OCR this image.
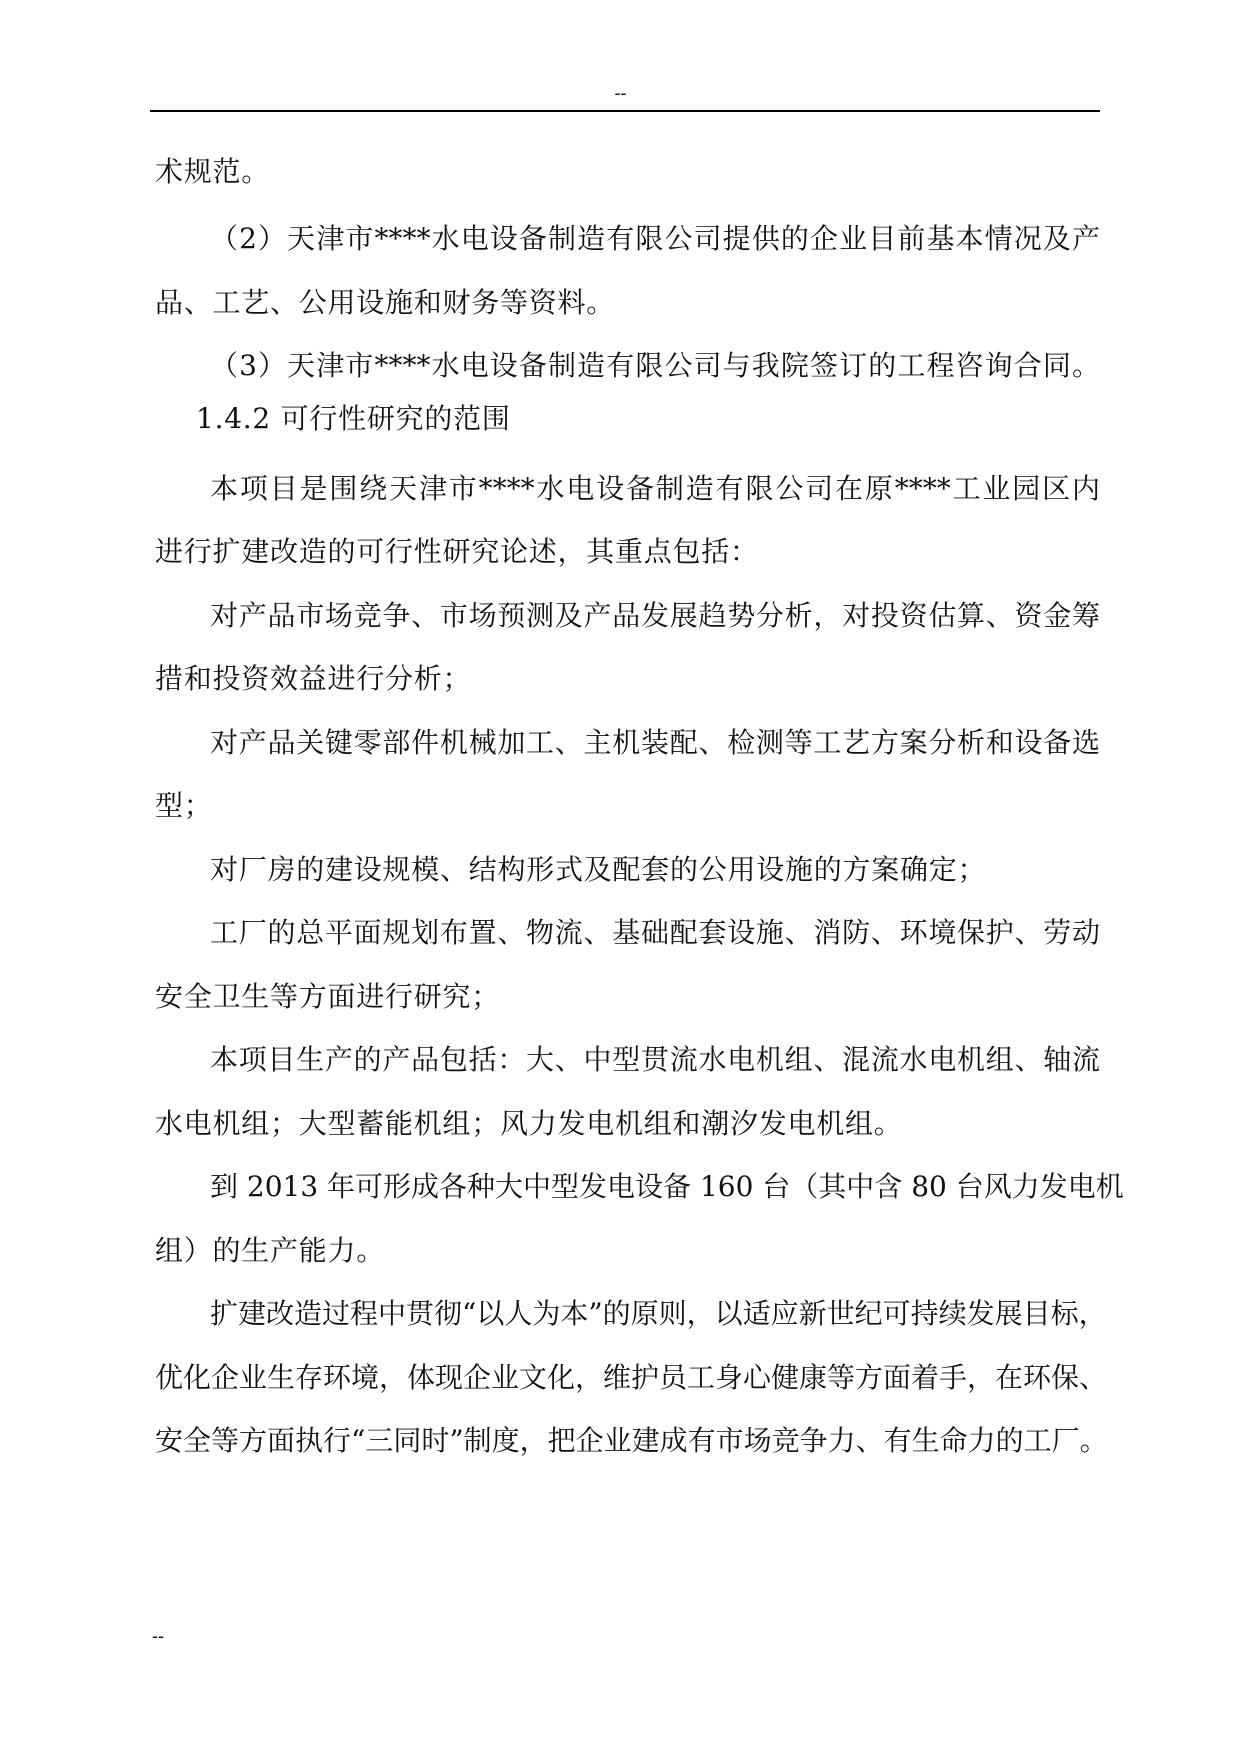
--
术规范。
（2）天津市****水电设备制造有限公司提供的企业目前基本情况及产
品、工艺、公用设施和财务等资料。
（3）天津市****水电设备制造有限公司与我院签订的工程咨询合同。
1.4.2 可行性研究的范围
本项目是围绕天津市****水电设备制造有限公司在原****工业园区内
进行扩建改造的可行性研究论述，其重点包括：
对产品市场竞争、市场预测及产品发展趋势分析，对投资估算、资金筹
措和投资效益进行分析；
对产品关键零部件机械加工、主机装配、检测等工艺方案分析和设备选
型；
对厂房的建设规模、结构形式及配套的公用设施的方案确定；
工厂的总平面规划布置、物流、基础配套设施、消防、环境保护、劳动
安全卫生等方面进行研究；
本项目生产的产品包括：大、中型贯流水电机组、混流水电机组、轴流
水电机组；大型蓄能机组；风力发电机组和潮汐发电机组。
到 2013 年可形成各种大中型发电设备 160 台（其中含 80 台风力发电机
组）的生产能力。
扩建改造过程中贯彻“以人为本”的原则，以适应新世纪可持续发展目标，
优化企业生存环境，体现企业文化，维护员工身心健康等方面着手，在环保、
安全等方面执行“三同时”制度，把企业建成有市场竞争力、有生命力的工厂。
--
